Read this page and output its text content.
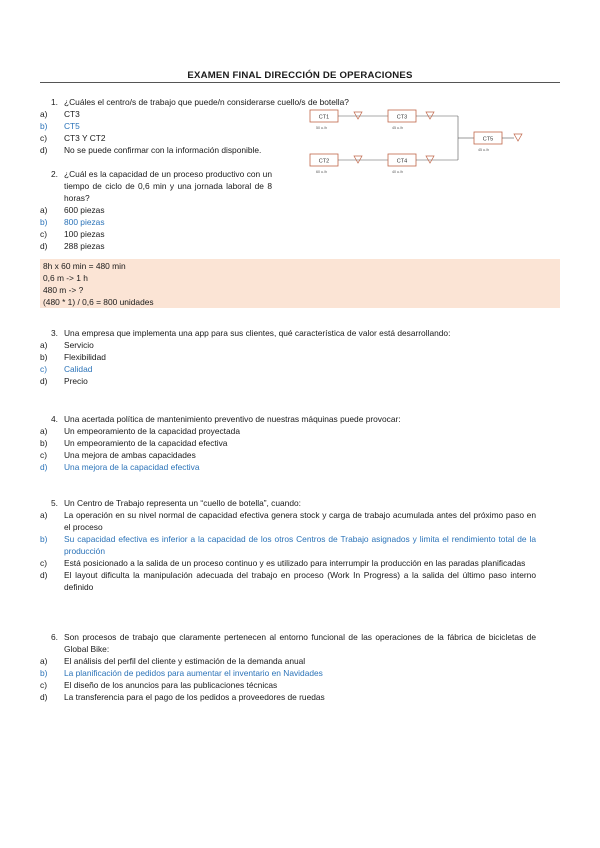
EXAMEN FINAL DIRECCIÓN DE OPERACIONES
1. ¿Cuáles el centro/s de trabajo que puede/n considerarse cuello/s de botella?
a)	CT3
b)	CT5
c)	CT3 Y CT2
d)	No se puede confirmar con la información disponible.
CT1
50 u./h
CT3
45 u./h
CT2
60 u./h
CT4
40 u./h
CT5
45 u./h
2. ¿Cuál es la capacidad de un proceso productivo con un tiempo de ciclo de 0,6 min y una jornada laboral de 8 horas?
a)	600 piezas
b)	800 piezas
c)	100 piezas
d)	288 piezas
8h x 60 min = 480 min
0,6 m -> 1 h
480 m -> ?
(480 * 1) / 0,6 = 800 unidades
3. Una empresa que implementa una app para sus clientes, qué característica de valor está desarrollando:
a)	Servicio
b)	Flexibilidad
c)	Calidad
d)	Precio
4. Una acertada política de mantenimiento preventivo de nuestras máquinas puede provocar:
a)	Un empeoramiento de la capacidad proyectada
b)	Un empeoramiento de la capacidad efectiva
c)	Una mejora de ambas capacidades
d)	Una mejora de la capacidad efectiva
5. Un Centro de Trabajo representa un “cuello de botella”, cuando:
a)	La operación en su nivel normal de capacidad efectiva genera stock y carga de trabajo acumulada antes del próximo paso en el proceso
b)	Su capacidad efectiva es inferior a la capacidad de los otros Centros de Trabajo asignados y limita el rendimiento total de la producción
c)	Está posicionado a la salida de un proceso continuo y es utilizado para interrumpir la producción en las paradas planificadas
d)	El layout dificulta la manipulación adecuada del trabajo en proceso (Work In Progress) a la salida del último paso interno definido
6. Son procesos de trabajo que claramente pertenecen al entorno funcional de las operaciones de la fábrica de bicicletas de Global Bike:
a)	El análisis del perfil del cliente y estimación de la demanda anual
b)	La planificación de pedidos para aumentar el inventario en Navidades
c)	El diseño de los anuncios para las publicaciones técnicas
d)	La transferencia para el pago de los pedidos a proveedores de ruedas
